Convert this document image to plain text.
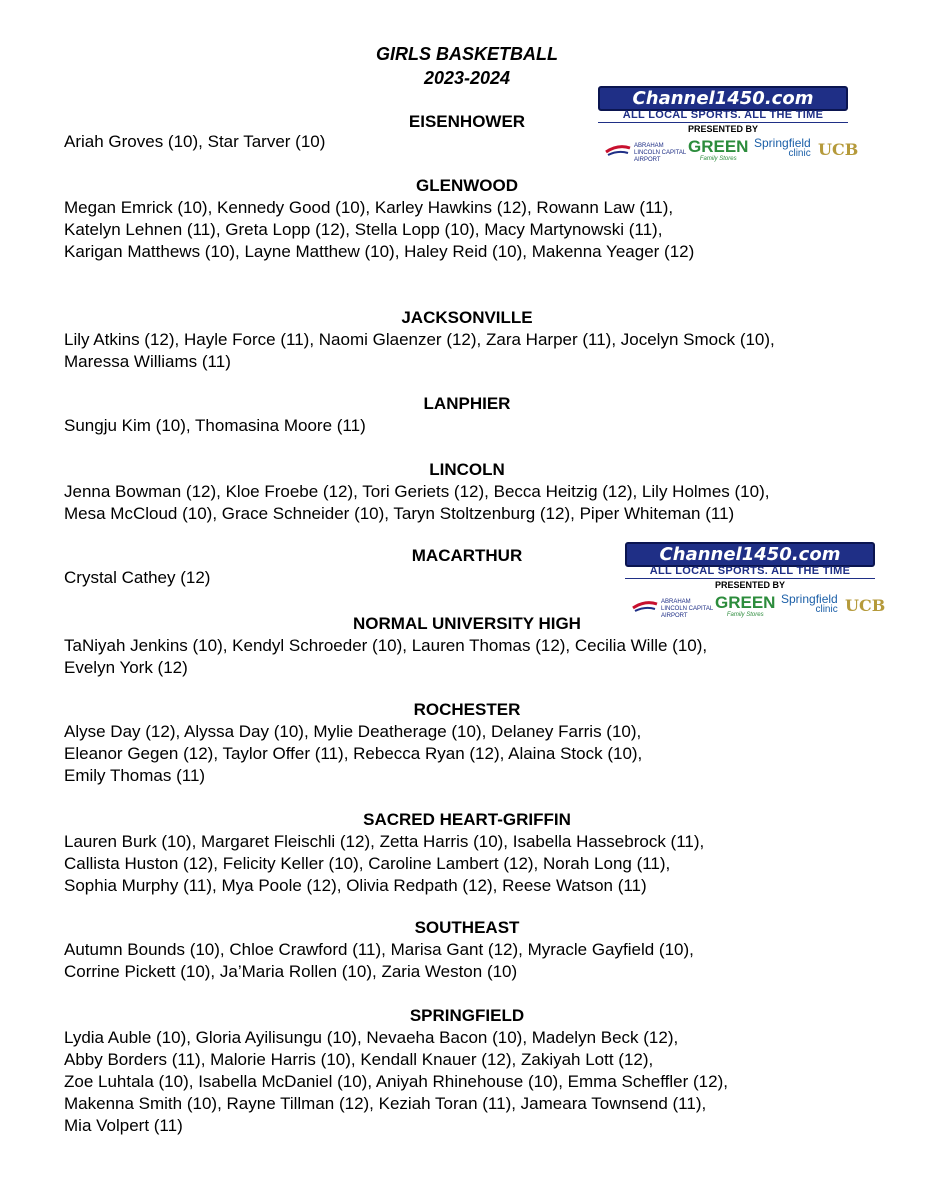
GIRLS BASKETBALL
2023-2024
Channel1450.com
ALL LOCAL SPORTS. ALL THE TIME
PRESENTED BY
ABRAHAM LINCOLN CAPITAL AIRPORT
GREEN
Family Stores
Springfield
clinic UCB
Channel1450.com
ALL LOCAL SPORTS. ALL THE TIME
PRESENTED BY
ABRAHAM LINCOLN CAPITAL AIRPORT
GREEN
Family Stores
Springfield
clinic UCB
EISENHOWER
Ariah Groves (10), Star Tarver (10)
GLENWOOD
Megan Emrick (10), Kennedy Good (10), Karley Hawkins (12), Rowann Law (11),
Katelyn Lehnen (11), Greta Lopp (12), Stella Lopp (10), Macy Martynowski (11),
Karigan Matthews (10), Layne Matthew (10), Haley Reid (10), Makenna Yeager (12)
JACKSONVILLE
Lily Atkins (12), Hayle Force (11), Naomi Glaenzer (12), Zara Harper (11), Jocelyn Smock (10),
Maressa Williams (11)
LANPHIER
Sungju Kim (10), Thomasina Moore (11)
LINCOLN
Jenna Bowman (12), Kloe Froebe (12), Tori Geriets (12), Becca Heitzig (12), Lily Holmes (10),
Mesa McCloud (10), Grace Schneider (10), Taryn Stoltzenburg (12), Piper Whiteman (11)
MACARTHUR
Crystal Cathey (12)
NORMAL UNIVERSITY HIGH
TaNiyah Jenkins (10), Kendyl Schroeder (10), Lauren Thomas (12), Cecilia Wille (10),
Evelyn York (12)
ROCHESTER
Alyse Day (12), Alyssa Day (10), Mylie Deatherage (10), Delaney Farris (10),
Eleanor Gegen (12), Taylor Offer (11), Rebecca Ryan (12), Alaina Stock (10),
Emily Thomas (11)
SACRED HEART-GRIFFIN
Lauren Burk (10), Margaret Fleischli (12), Zetta Harris (10), Isabella Hassebrock (11),
Callista Huston (12), Felicity Keller (10), Caroline Lambert (12), Norah Long (11),
Sophia Murphy (11), Mya Poole (12), Olivia Redpath (12), Reese Watson (11)
SOUTHEAST
Autumn Bounds (10), Chloe Crawford (11), Marisa Gant (12), Myracle Gayfield (10),
Corrine Pickett (10), Ja’Maria Rollen (10), Zaria Weston (10)
SPRINGFIELD
Lydia Auble (10), Gloria Ayilisungu (10), Nevaeha Bacon (10), Madelyn Beck (12),
Abby Borders (11), Malorie Harris (10), Kendall Knauer (12), Zakiyah Lott (12),
Zoe Luhtala (10), Isabella McDaniel (10), Aniyah Rhinehouse (10), Emma Scheffler (12),
Makenna Smith (10), Rayne Tillman (12), Keziah Toran (11), Jameara Townsend (11),
Mia Volpert (11)
